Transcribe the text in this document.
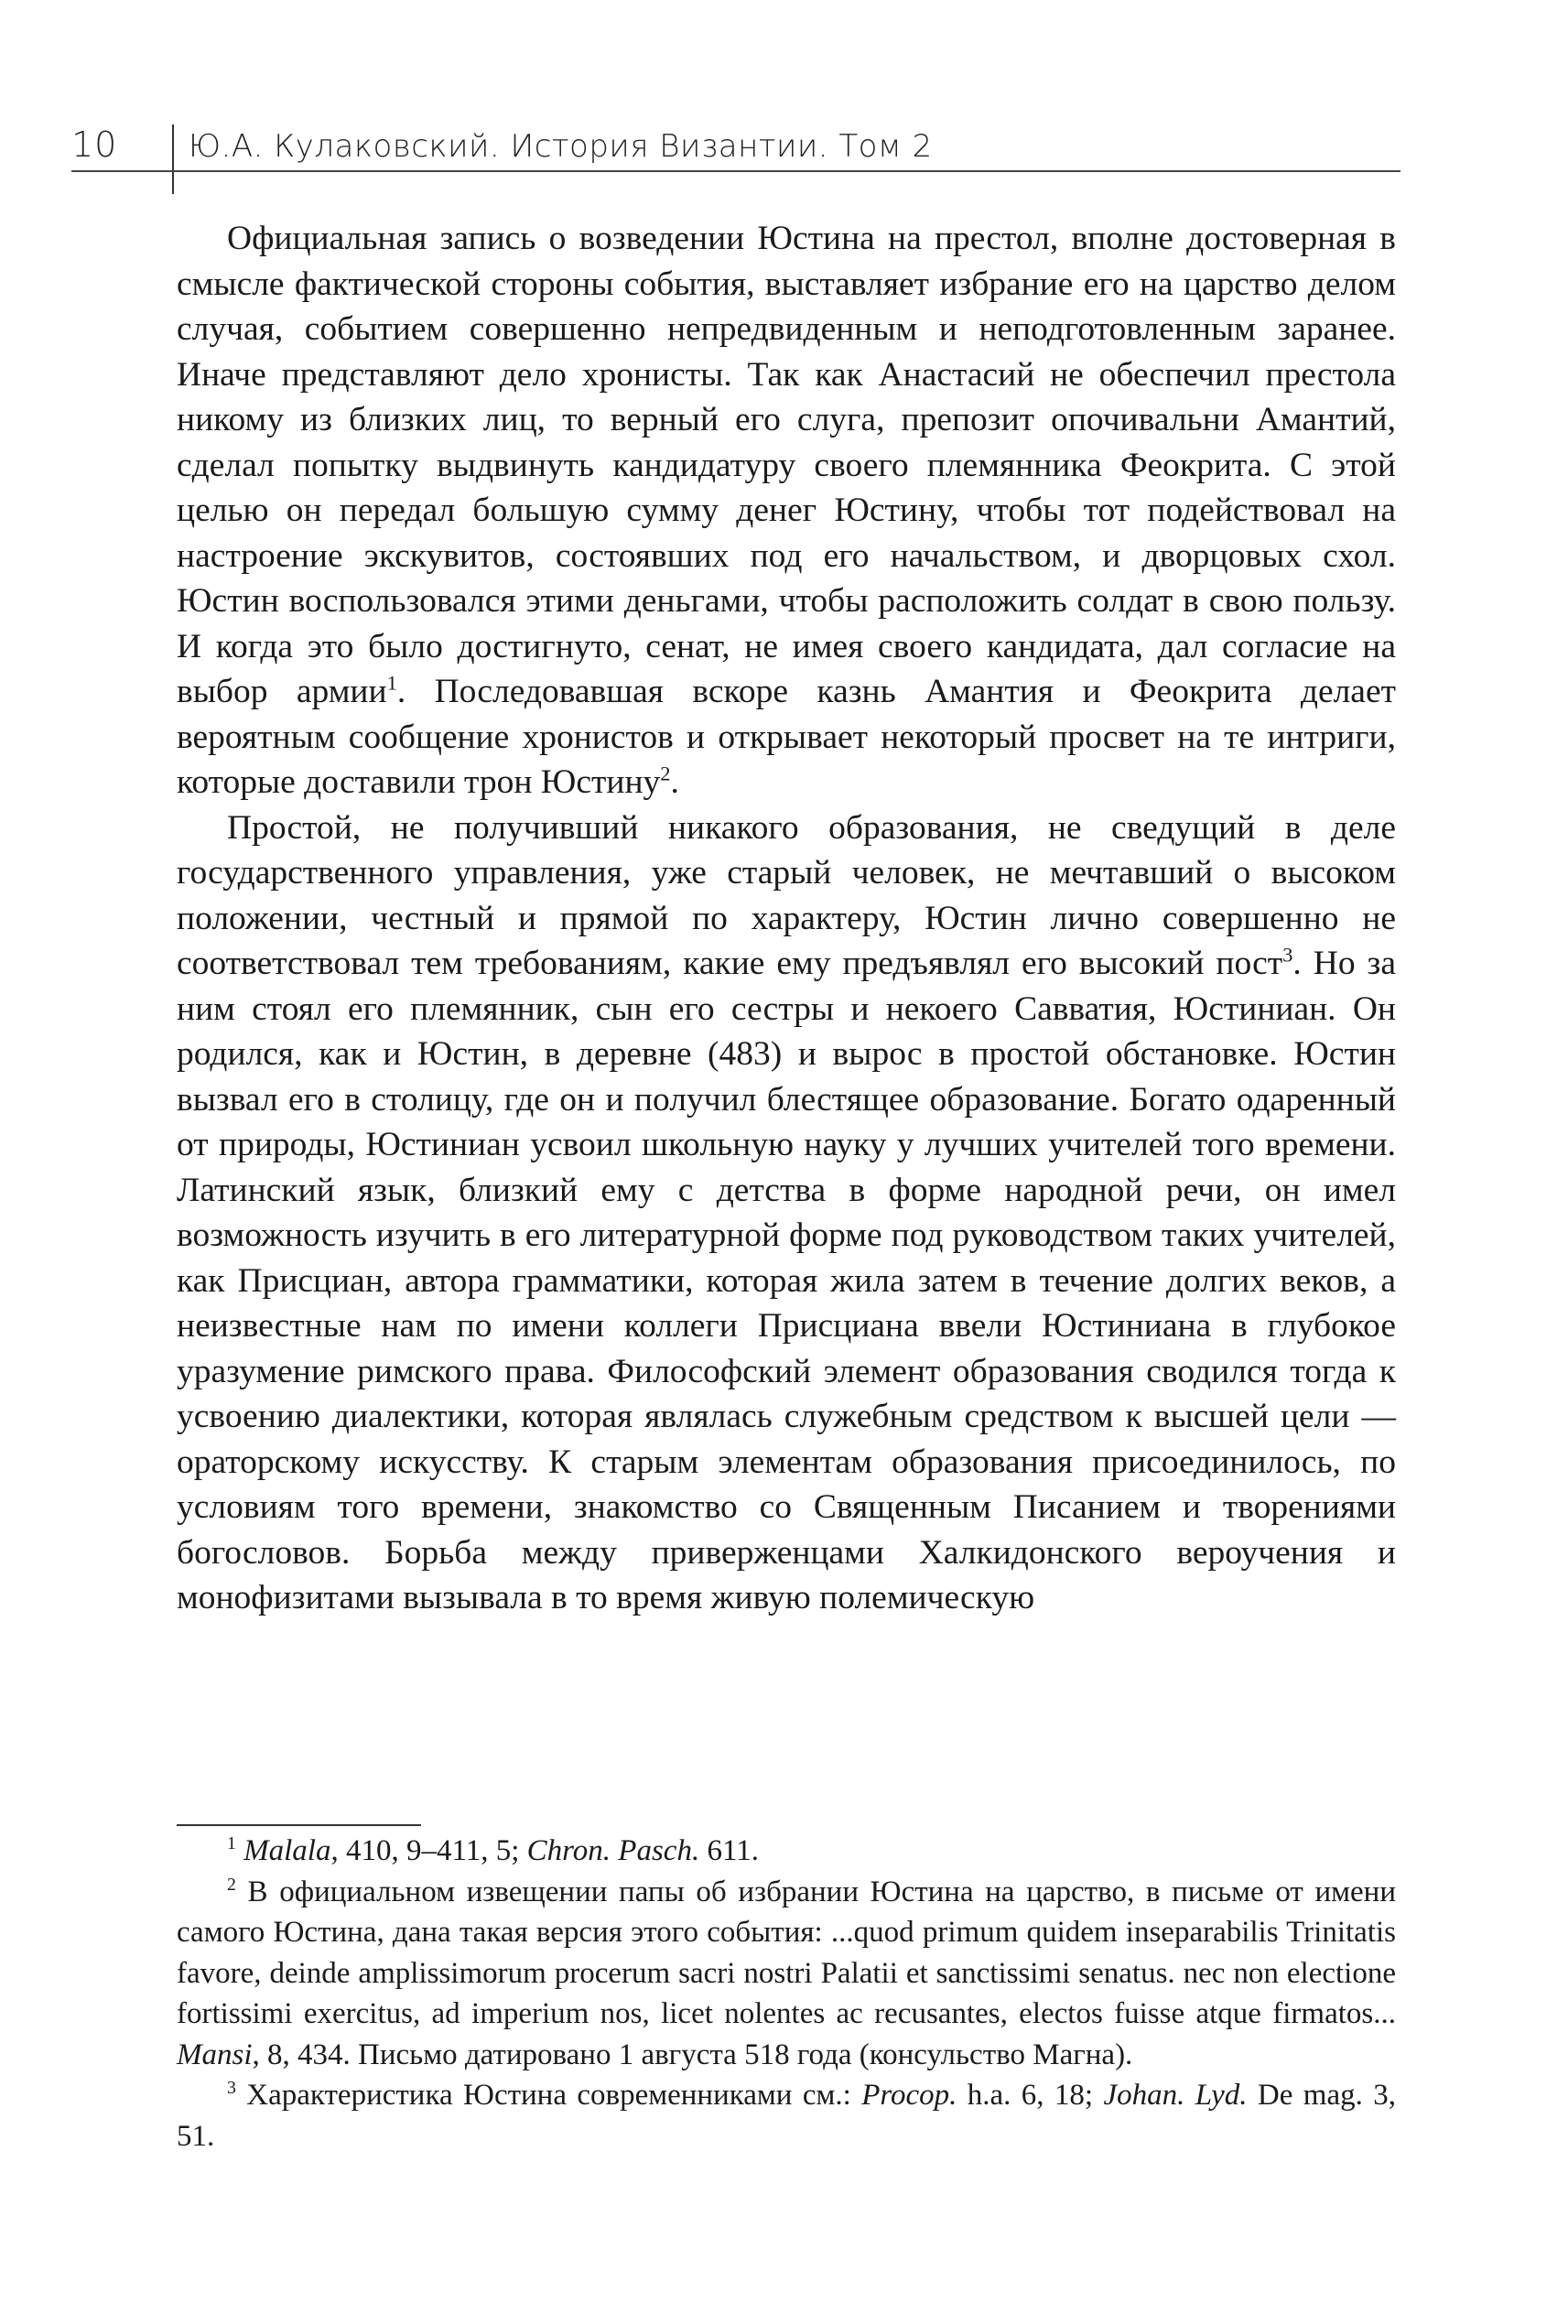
10 Ю.А. Кулаковский. История Византии. Том 2

Официальная запись о возведении Юстина на престол, вполне достоверная в смысле фактической стороны события, выставляет избрание его на царство делом случая, событием совершенно непредвиденным и неподготовленным заранее. Иначе представляют дело хронисты. Так как Анастасий не обеспечил престола никому из близких лиц, то верный его слуга, препозит опочивальни Амантий, сделал попытку выдвинуть кандидатуру своего племянника Феокрита. С этой целью он передал большую сумму денег Юстину, чтобы тот подействовал на настроение экскувитов, состоявших под его начальством, и дворцовых схол. Юстин воспользовался этими деньгами, чтобы расположить солдат в свою пользу. И когда это было достигнуто, сенат, не имея своего кандидата, дал согласие на выбор армии$^1$. Последовавшая вскоре казнь Амантия и Феокрита делает вероятным сообщение хронистов и открывает некоторый просвет на те интриги, которые доставили трон Юстину$^2$.

Простой, не получивший никакого образования, не сведущий в деле государственного управления, уже старый человек, не мечтавший о высоком положении, честный и прямой по характеру, Юстин лично совершенно не соответствовал тем требованиям, какие ему предъявлял его высокий пост$^3$. Но за ним стоял его племянник, сын его сестры и некоего Савватия, Юстиниан. Он родился, как и Юстин, в деревне (483) и вырос в простой обстановке. Юстин вызвал его в столицу, где он и получил блестящее образование. Богато одаренный от природы, Юстиниан усвоил школьную науку у лучших учителей того времени. Латинский язык, близкий ему с детства в форме народной речи, он имел возможность изучить в его литературной форме под руководством таких учителей, как Присциан, автора грамматики, которая жила затем в течение долгих веков, а неизвестные нам по имени коллеги Присциана ввели Юстиниана в глубокое уразумение римского права. Философский элемент образования сводился тогда к усвоению диалектики, которая являлась служебным средством к высшей цели — ораторскому искусству. К старым элементам образования присоединилось, по условиям того времени, знакомство со Священным Писанием и творениями богословов. Борьба между приверженцами Халкидонского вероучения и монофизитами вызывала в то время живую полемическую

$^1$ Malala, 410, 9–411, 5; Chron. Pasch. 611.

$^2$ В официальном извещении папы об избрании Юстина на царство, в письме от имени самого Юстина, дана такая версия этого события: ...quod primum quidem inseparabilis Trinitatis favore, deinde amplissimorum procerum sacri nostri Palatii et sanctissimi senatus. nec non electione fortissimi exercitus, ad imperium nos, licet nolentes ac recusantes, electos fuisse atque firmatos... Mansi, 8, 434. Письмо датировано 1 августа 518 года (консульство Магна).

$^3$ Характеристика Юстина современниками см.: Procop. h.a. 6, 18; Johan. Lyd. De mag. 3, 51.
